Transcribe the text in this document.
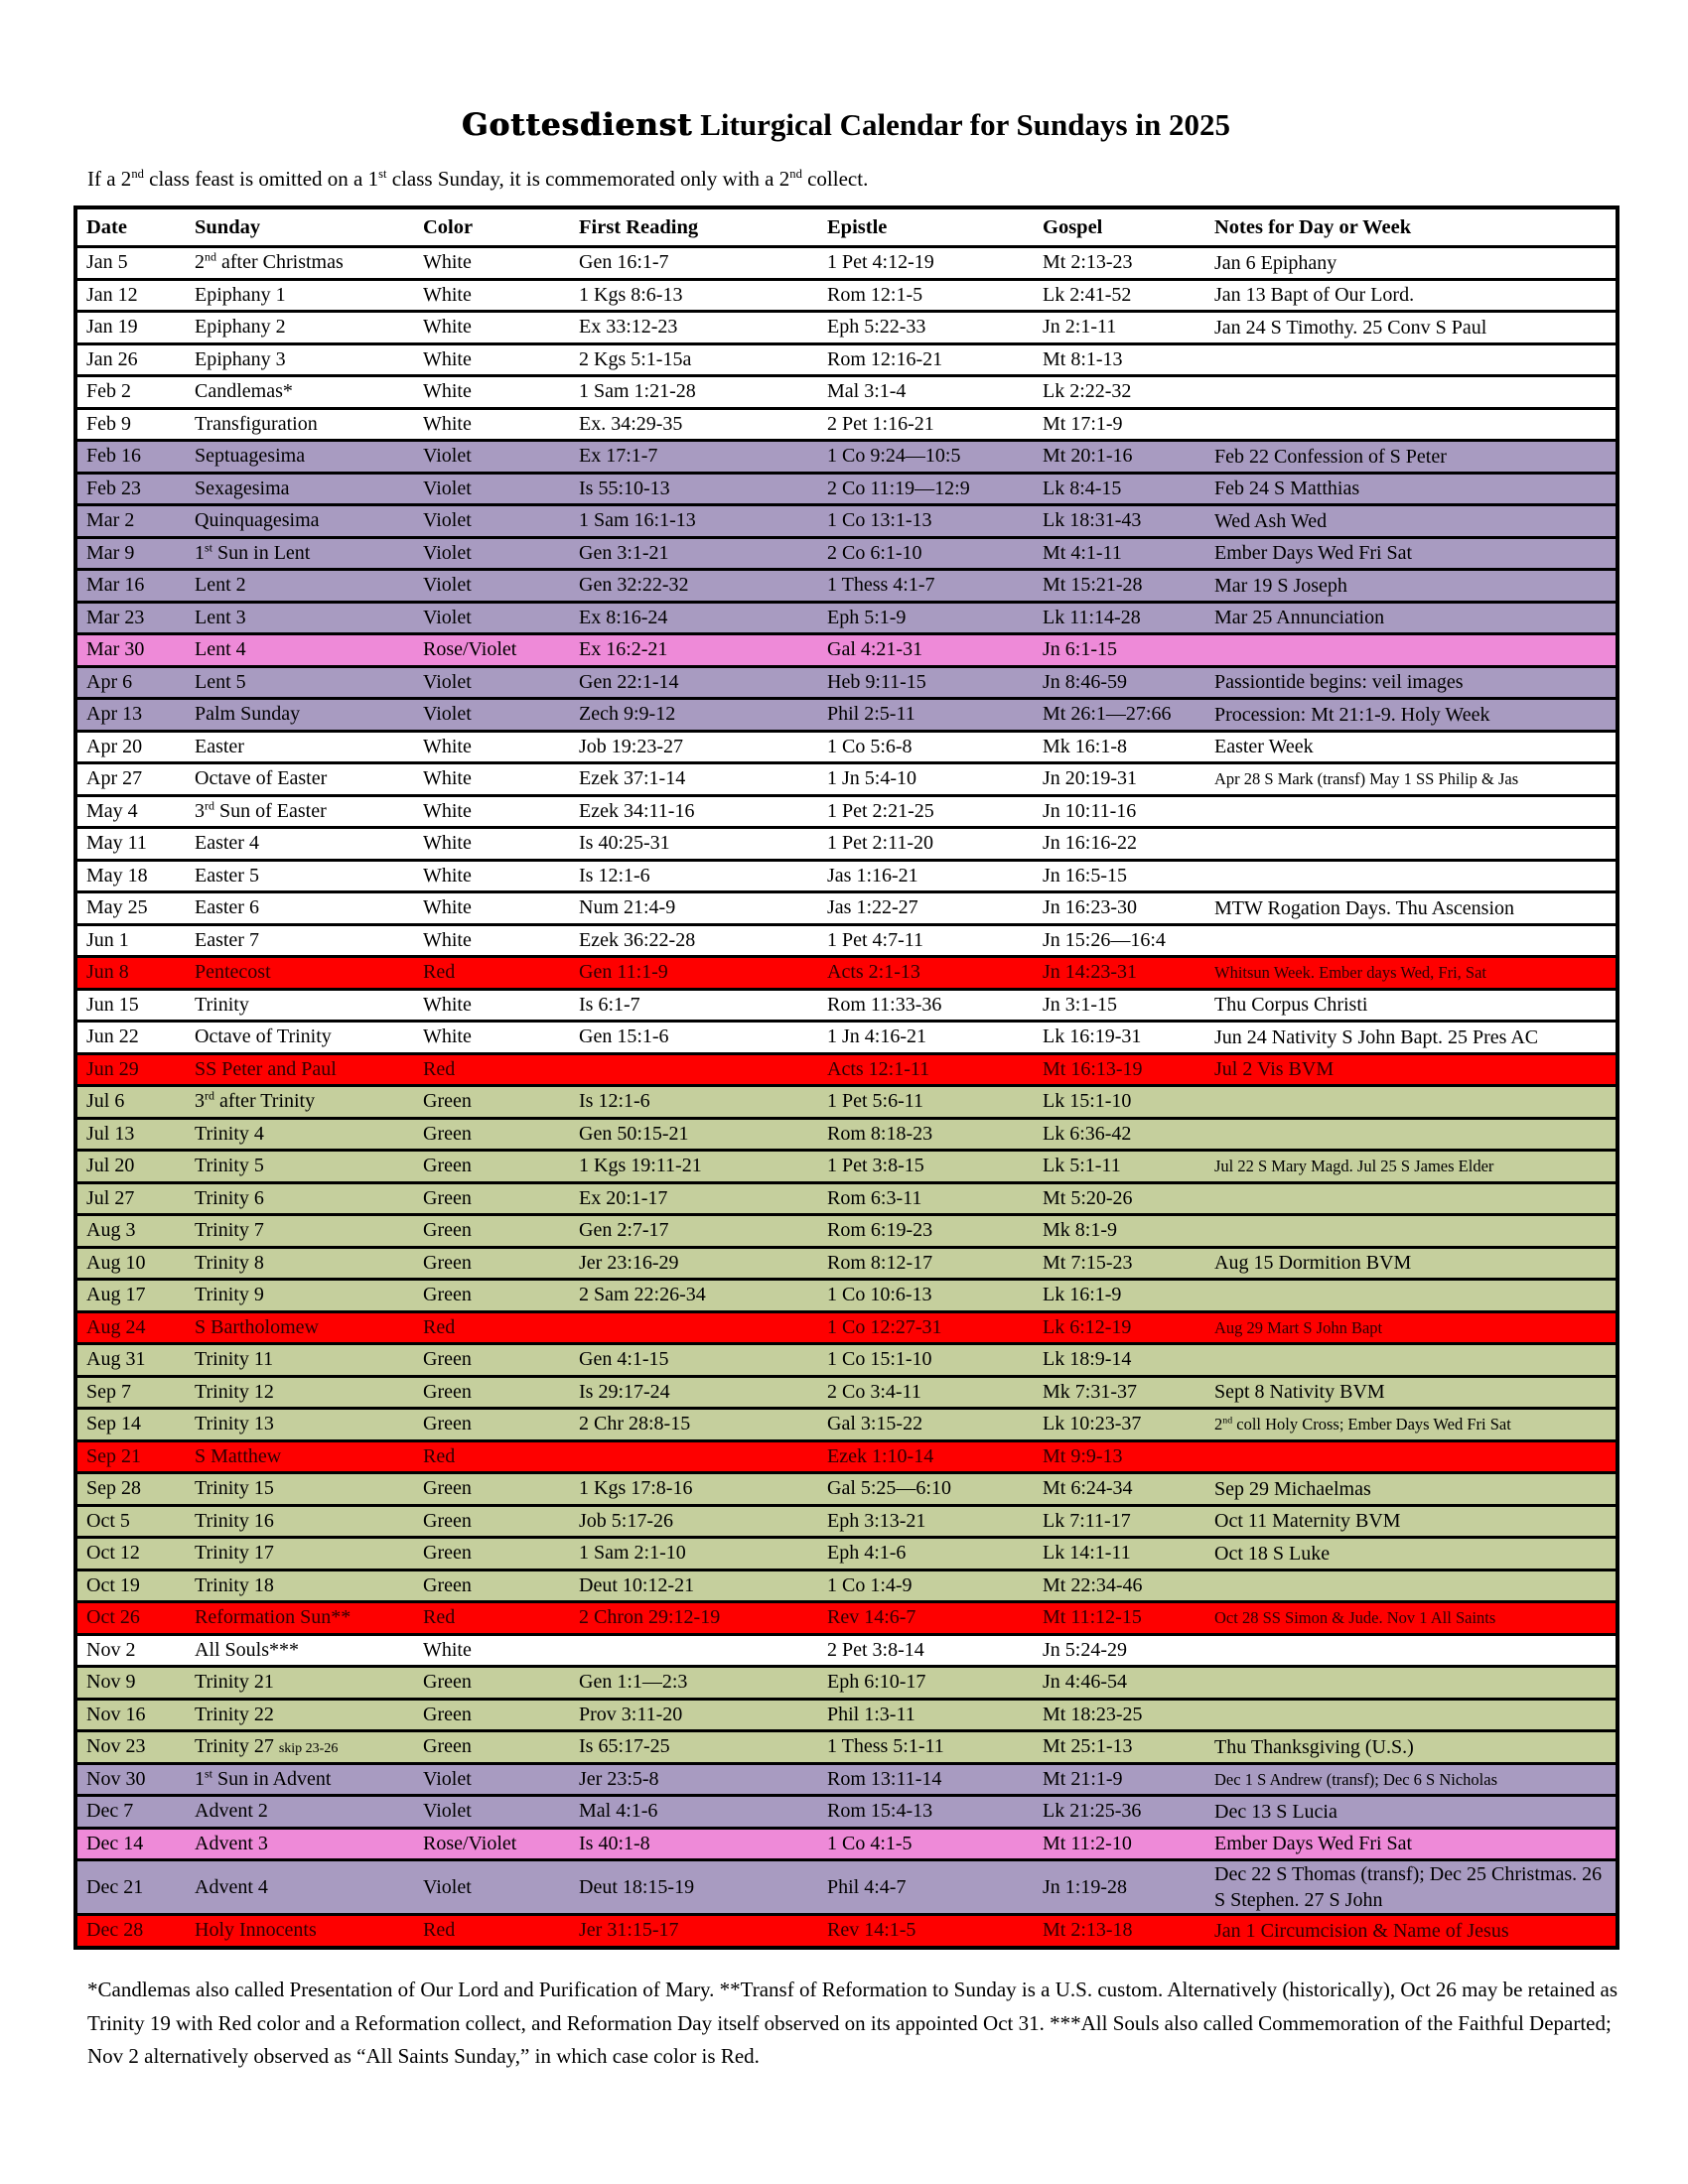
Gottesdienst Liturgical Calendar for Sundays in 2025

If a 2nd class feast is omitted on a 1st class Sunday, it is commemorated only with a 2nd collect.

Date	Sunday	Color	First Reading	Epistle	Gospel	Notes for Day or Week
Jan 5	2nd after Christmas	White	Gen 16:1-7	1 Pet 4:12-19	Mt 2:13-23	Jan 6 Epiphany
Jan 12	Epiphany 1	White	1 Kgs 8:6-13	Rom 12:1-5	Lk 2:41-52	Jan 13 Bapt of Our Lord.
Jan 19	Epiphany 2	White	Ex 33:12-23	Eph 5:22-33	Jn 2:1-11	Jan 24 S Timothy. 25 Conv S Paul
Jan 26	Epiphany 3	White	2 Kgs 5:1-15a	Rom 12:16-21	Mt 8:1-13	
Feb 2	Candlemas*	White	1 Sam 1:21-28	Mal 3:1-4	Lk 2:22-32	
Feb 9	Transfiguration	White	Ex. 34:29-35	2 Pet 1:16-21	Mt 17:1-9	
Feb 16	Septuagesima	Violet	Ex 17:1-7	1 Co 9:24—10:5	Mt 20:1-16	Feb 22 Confession of S Peter
Feb 23	Sexagesima	Violet	Is 55:10-13	2 Co 11:19—12:9	Lk 8:4-15	Feb 24 S Matthias
Mar 2	Quinquagesima	Violet	1 Sam 16:1-13	1 Co 13:1-13	Lk 18:31-43	Wed Ash Wed
Mar 9	1st Sun in Lent	Violet	Gen 3:1-21	2 Co 6:1-10	Mt 4:1-11	Ember Days Wed Fri Sat
Mar 16	Lent 2	Violet	Gen 32:22-32	1 Thess 4:1-7	Mt 15:21-28	Mar 19 S Joseph
Mar 23	Lent 3	Violet	Ex 8:16-24	Eph 5:1-9	Lk 11:14-28	Mar 25 Annunciation
Mar 30	Lent 4	Rose/Violet	Ex 16:2-21	Gal 4:21-31	Jn 6:1-15	
Apr 6	Lent 5	Violet	Gen 22:1-14	Heb 9:11-15	Jn 8:46-59	Passiontide begins: veil images
Apr 13	Palm Sunday	Violet	Zech 9:9-12	Phil 2:5-11	Mt 26:1—27:66	Procession: Mt 21:1-9. Holy Week
Apr 20	Easter	White	Job 19:23-27	1 Co 5:6-8	Mk 16:1-8	Easter Week
Apr 27	Octave of Easter	White	Ezek 37:1-14	1 Jn 5:4-10	Jn 20:19-31	Apr 28 S Mark (transf) May 1 SS Philip & Jas
May 4	3rd Sun of Easter	White	Ezek 34:11-16	1 Pet 2:21-25	Jn 10:11-16	
May 11	Easter 4	White	Is 40:25-31	1 Pet 2:11-20	Jn 16:16-22	
May 18	Easter 5	White	Is 12:1-6	Jas 1:16-21	Jn 16:5-15	
May 25	Easter 6	White	Num 21:4-9	Jas 1:22-27	Jn 16:23-30	MTW Rogation Days. Thu Ascension
Jun 1	Easter 7	White	Ezek 36:22-28	1 Pet 4:7-11	Jn 15:26—16:4	
Jun 8	Pentecost	Red	Gen 11:1-9	Acts 2:1-13	Jn 14:23-31	Whitsun Week. Ember days Wed, Fri, Sat
Jun 15	Trinity	White	Is 6:1-7	Rom 11:33-36	Jn 3:1-15	Thu Corpus Christi
Jun 22	Octave of Trinity	White	Gen 15:1-6	1 Jn 4:16-21	Lk 16:19-31	Jun 24 Nativity S John Bapt. 25 Pres AC
Jun 29	SS Peter and Paul	Red		Acts 12:1-11	Mt 16:13-19	Jul 2 Vis BVM
Jul 6	3rd after Trinity	Green	Is 12:1-6	1 Pet 5:6-11	Lk 15:1-10	
Jul 13	Trinity 4	Green	Gen 50:15-21	Rom 8:18-23	Lk 6:36-42	
Jul 20	Trinity 5	Green	1 Kgs 19:11-21	1 Pet 3:8-15	Lk 5:1-11	Jul 22 S Mary Magd. Jul 25 S James Elder
Jul 27	Trinity 6	Green	Ex 20:1-17	Rom 6:3-11	Mt 5:20-26	
Aug 3	Trinity 7	Green	Gen 2:7-17	Rom 6:19-23	Mk 8:1-9	
Aug 10	Trinity 8	Green	Jer 23:16-29	Rom 8:12-17	Mt 7:15-23	Aug 15 Dormition BVM
Aug 17	Trinity 9	Green	2 Sam 22:26-34	1 Co 10:6-13	Lk 16:1-9	
Aug 24	S Bartholomew	Red		1 Co 12:27-31	Lk 6:12-19	Aug 29 Mart S John Bapt
Aug 31	Trinity 11	Green	Gen 4:1-15	1 Co 15:1-10	Lk 18:9-14	
Sep 7	Trinity 12	Green	Is 29:17-24	2 Co 3:4-11	Mk 7:31-37	Sept 8 Nativity BVM
Sep 14	Trinity 13	Green	2 Chr 28:8-15	Gal 3:15-22	Lk 10:23-37	2nd coll Holy Cross; Ember Days Wed Fri Sat
Sep 21	S Matthew	Red		Ezek 1:10-14	Mt 9:9-13	
Sep 28	Trinity 15	Green	1 Kgs 17:8-16	Gal 5:25—6:10	Mt 6:24-34	Sep 29 Michaelmas
Oct 5	Trinity 16	Green	Job 5:17-26	Eph 3:13-21	Lk 7:11-17	Oct 11 Maternity BVM
Oct 12	Trinity 17	Green	1 Sam 2:1-10	Eph 4:1-6	Lk 14:1-11	Oct 18 S Luke
Oct 19	Trinity 18	Green	Deut 10:12-21	1 Co 1:4-9	Mt 22:34-46	
Oct 26	Reformation Sun**	Red	2 Chron 29:12-19	Rev 14:6-7	Mt 11:12-15	Oct 28 SS Simon & Jude. Nov 1 All Saints
Nov 2	All Souls***	White		2 Pet 3:8-14	Jn 5:24-29	
Nov 9	Trinity 21	Green	Gen 1:1—2:3	Eph 6:10-17	Jn 4:46-54	
Nov 16	Trinity 22	Green	Prov 3:11-20	Phil 1:3-11	Mt 18:23-25	
Nov 23	Trinity 27 skip 23-26	Green	Is 65:17-25	1 Thess 5:1-11	Mt 25:1-13	Thu Thanksgiving (U.S.)
Nov 30	1st Sun in Advent	Violet	Jer 23:5-8	Rom 13:11-14	Mt 21:1-9	Dec 1 S Andrew (transf); Dec 6 S Nicholas
Dec 7	Advent 2	Violet	Mal 4:1-6	Rom 15:4-13	Lk 21:25-36	Dec 13 S Lucia
Dec 14	Advent 3	Rose/Violet	Is 40:1-8	1 Co 4:1-5	Mt 11:2-10	Ember Days Wed Fri Sat
Dec 21	Advent 4	Violet	Deut 18:15-19	Phil 4:4-7	Jn 1:19-28	Dec 22 S Thomas (transf); Dec 25 Christmas. 26 S Stephen. 27 S John
Dec 28	Holy Innocents	Red	Jer 31:15-17	Rev 14:1-5	Mt 2:13-18	Jan 1 Circumcision & Name of Jesus

*Candlemas also called Presentation of Our Lord and Purification of Mary. **Transf of Reformation to Sunday is a U.S. custom. Alternatively (historically), Oct 26 may be retained as Trinity 19 with Red color and a Reformation collect, and Reformation Day itself observed on its appointed Oct 31. ***All Souls also called Commemoration of the Faithful Departed; Nov 2 alternatively observed as “All Saints Sunday,” in which case color is Red.
